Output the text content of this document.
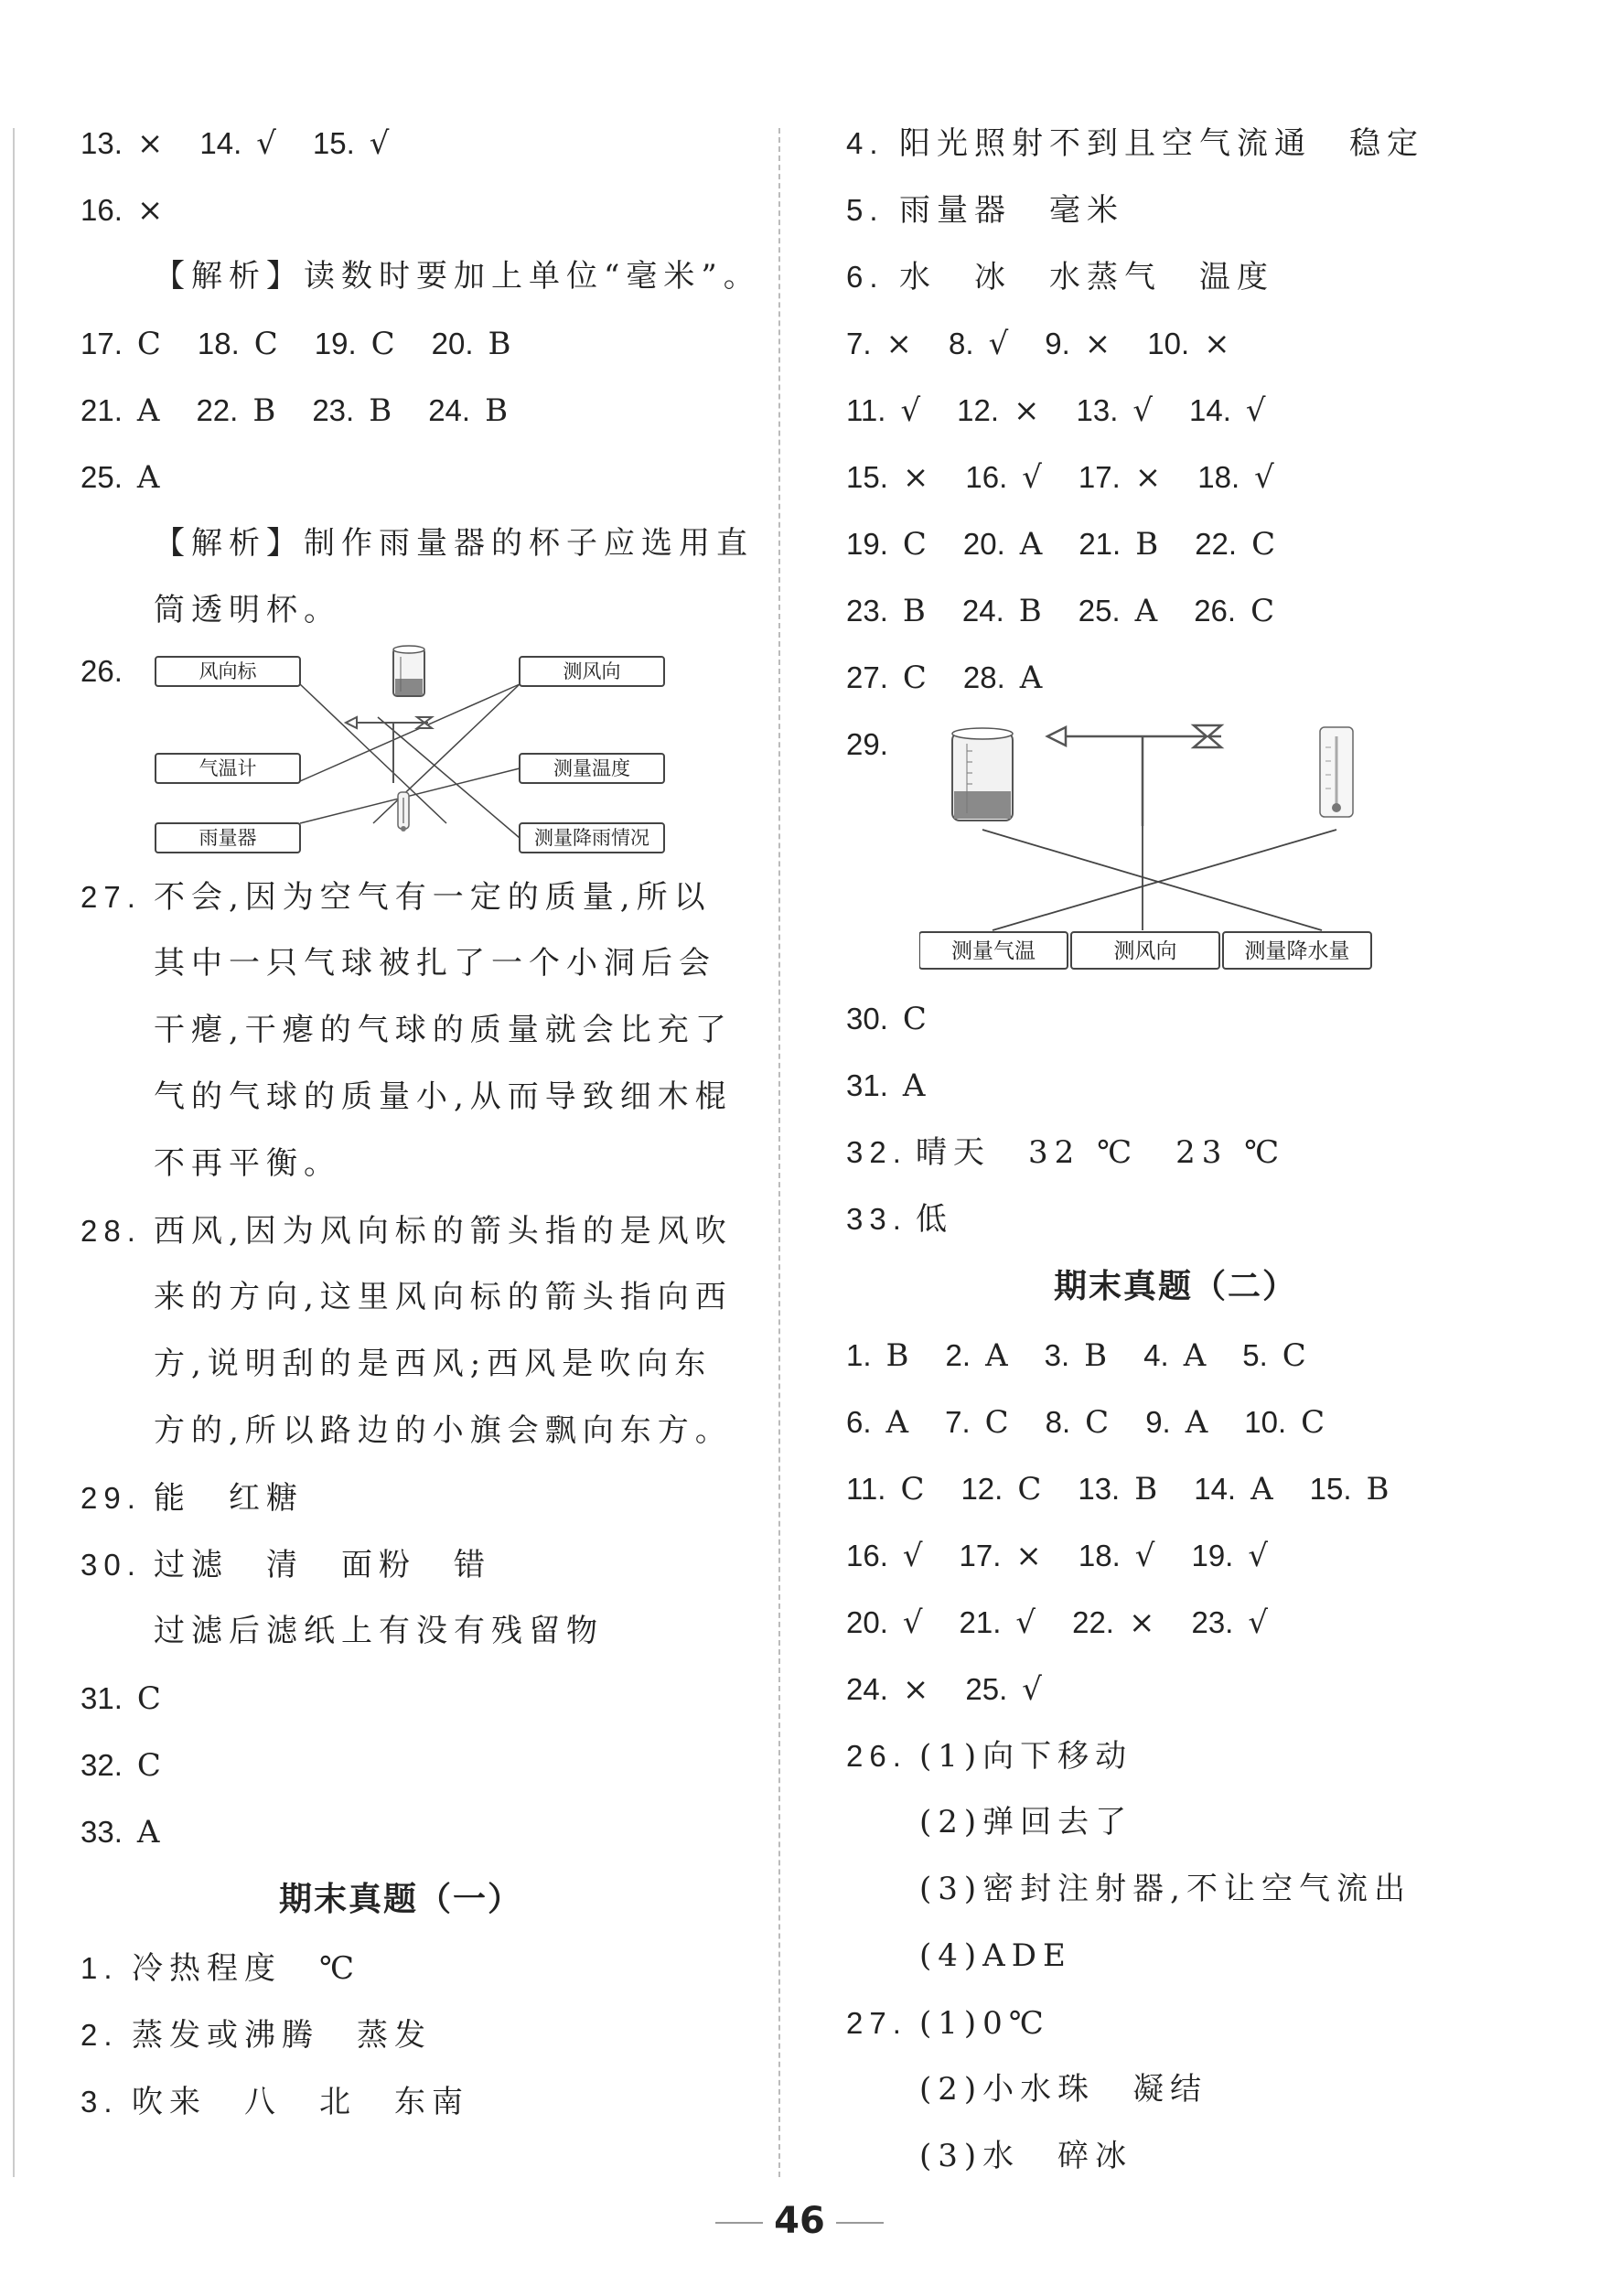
13. × 14. √ 15. √
16. ×
【解析】读数时要加上单位“毫米”。
17. C 18. C 19. C 20. B
21. A 22. B 23. B 24. B
25. A
【解析】制作雨量器的杯子应选用直
筒透明杯。
26.	风向标
气温计
雨量器
测风向
测量温度
测量降雨情况
27. 不会,因为空气有一定的质量,所以
其中一只气球被扎了一个小洞后会
干瘪,干瘪的气球的质量就会比充了
气的气球的质量小,从而导致细木棍
不再平衡。
28. 西风,因为风向标的箭头指的是风吹
来的方向,这里风向标的箭头指向西
方,说明刮的是西风;西风是吹向东
方的,所以路边的小旗会飘向东方。
29. 能　红糖
30. 过滤　清　面粉　错
过滤后滤纸上有没有残留物
31. C
32. C
33. A
期末真题（一）
1. 冷热程度　℃
2. 蒸发或沸腾　蒸发
3. 吹来　八　北　东南
4. 阳光照射不到且空气流通　稳定
5. 雨量器　毫米
6. 水　冰　水蒸气　温度
7. × 8. √ 9. × 10. ×
11. √ 12. × 13. √ 14. √
15. × 16. √ 17. × 18. √
19. C 20. A 21. B 22. C
23. B 24. B 25. A 26. C
27. C 28. A
29.
测量气温	测风向	测量降水量
30. C
31. A
32. 晴天　32 ℃　23 ℃
33. 低
期末真题（二）
1. B 2. A 3. B 4. A 5. C
6. A 7. C 8. C 9. A 10. C
11. C 12. C 13. B 14. A 15. B
16. √ 17. × 18. √ 19. √
20. √ 21. √ 22. × 23. √
24. × 25. √
26. (1)向下移动
(2)弹回去了
(3)密封注射器,不让空气流出
(4)ADE
27. (1)0℃
(2)小水珠　凝结
(3)水　碎冰
46
